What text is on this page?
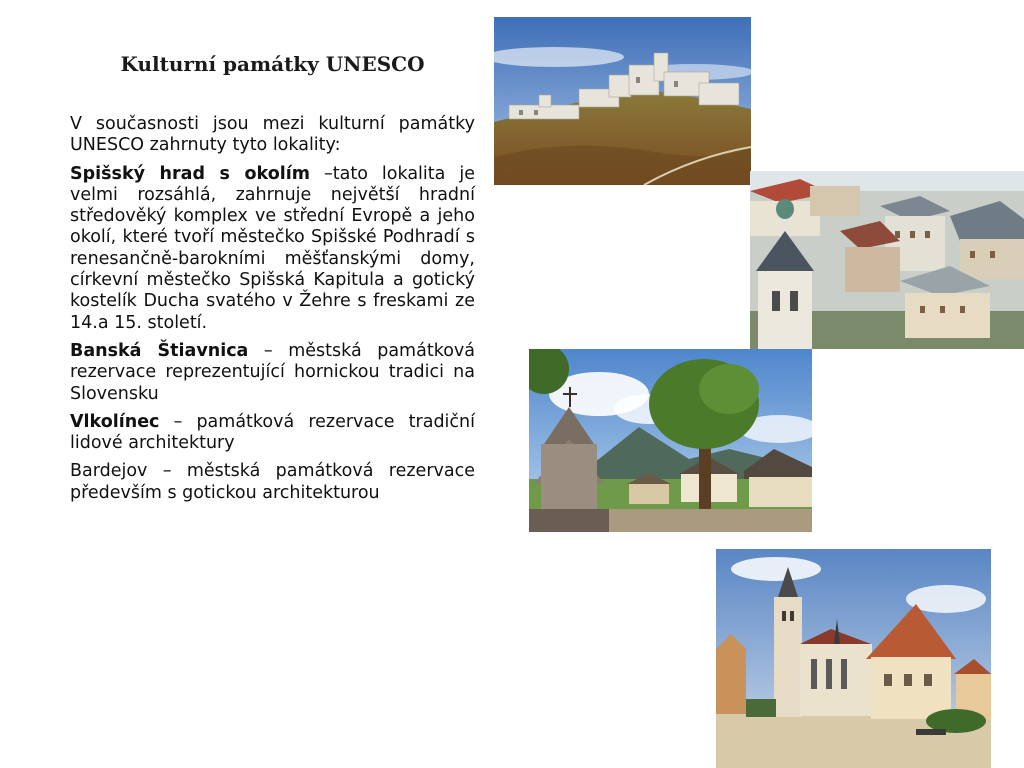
Kulturní památky UNESCO

V současnosti jsou mezi kulturní památky UNESCO zahrnuty tyto lokality:

Spišský hrad s okolím –tato lokalita je velmi rozsáhlá, zahrnuje největší hradní středověký komplex ve střední Evropě a jeho okolí, které tvoří městečko Spišské Podhradí s renesančně-barokními měšťanskými domy, církevní městečko Spišská Kapitula a gotický kostelík Ducha svatého v Žehre s freskami ze 14.a 15. století.

Banská Štiavnica – městská památková rezervace reprezentující hornickou tradici na Slovensku

Vlkolínec – památková rezervace tradiční lidové architektury

Bardejov – městská památková rezervace především s gotickou architekturou
